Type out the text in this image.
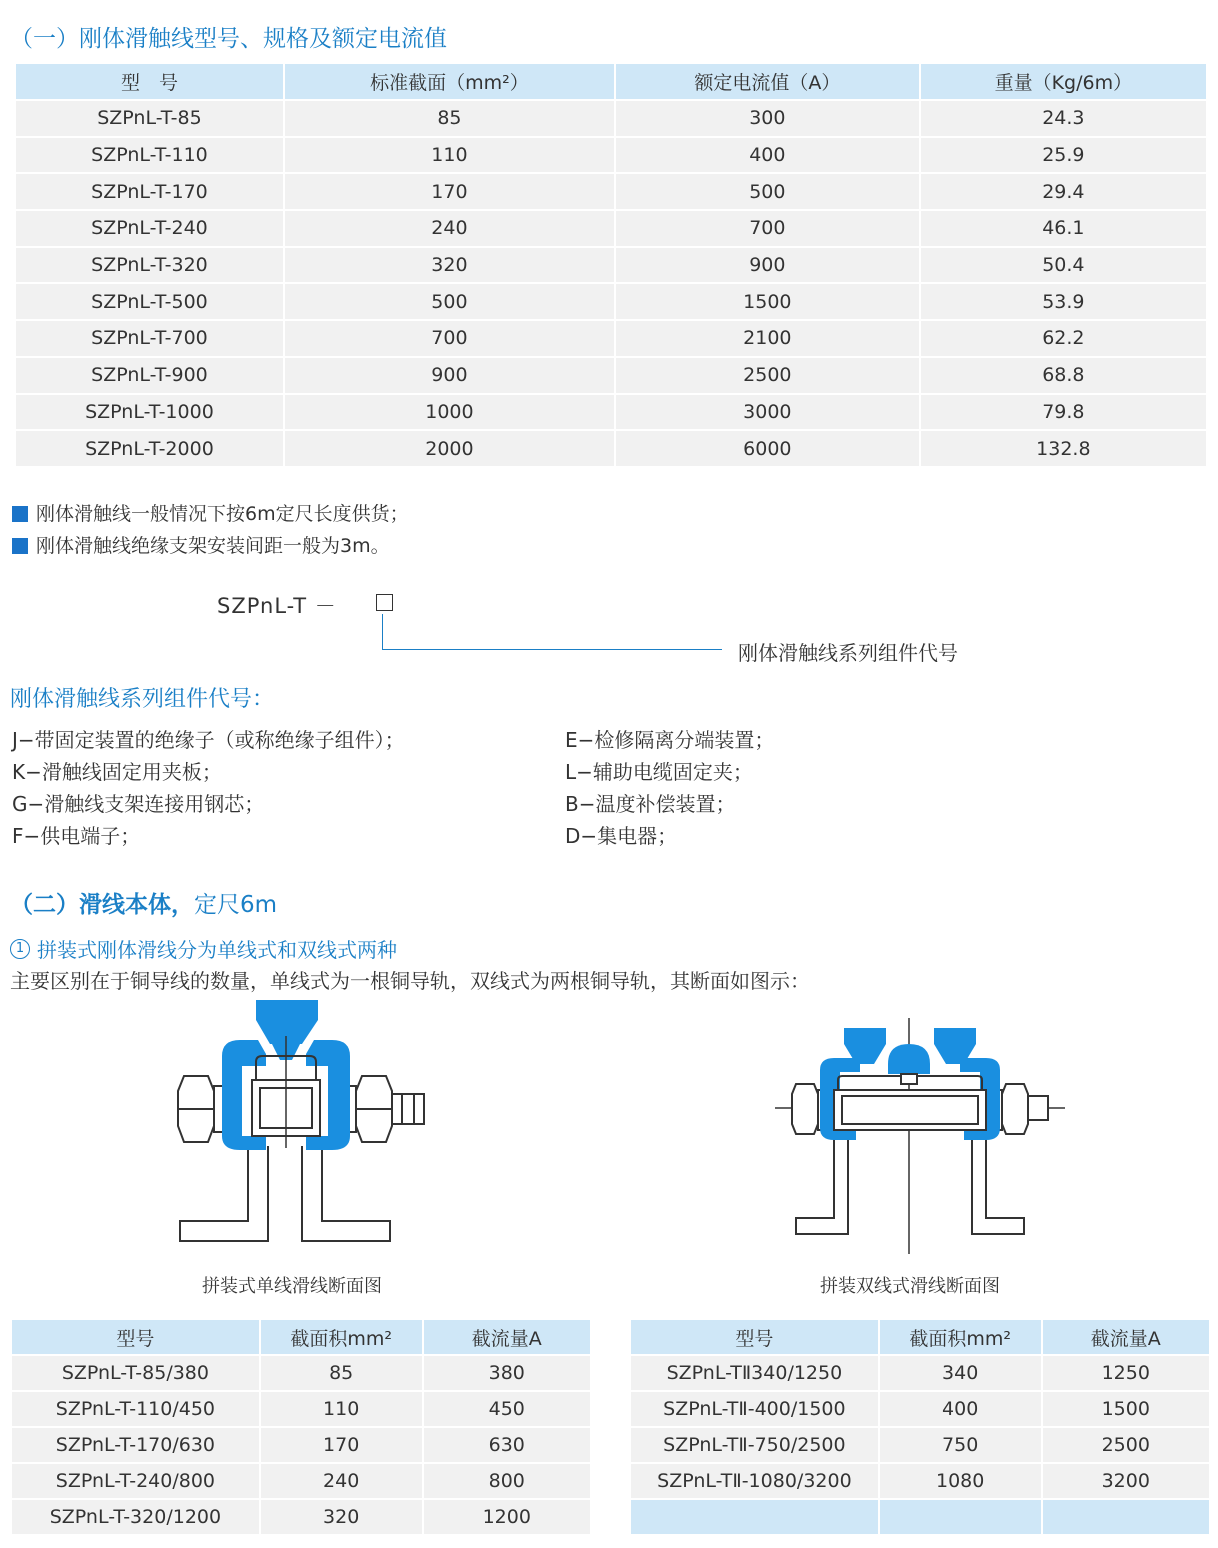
（一）刚体滑触线型号、规格及额定电流值
型　号	标准截面（mm²）	额定电流值（A）	重量（Kg/6m）
SZPnL-T-85	85	300	24.3
SZPnL-T-110	110	400	25.9
SZPnL-T-170	170	500	29.4
SZPnL-T-240	240	700	46.1
SZPnL-T-320	320	900	50.4
SZPnL-T-500	500	1500	53.9
SZPnL-T-700	700	2100	62.2
SZPnL-T-900	900	2500	68.8
SZPnL-T-1000	1000	3000	79.8
SZPnL-T-2000	2000	6000	132.8
刚体滑触线一般情况下按6m定尺长度供货；
刚体滑触线绝缘支架安装间距一般为3m。
SZPnL-T －
刚体滑触线系列组件代号
刚体滑触线系列组件代号：
J−带固定装置的绝缘子（或称绝缘子组件）；
K−滑触线固定用夹板；
G−滑触线支架连接用钢芯；
F−供电端子；
E−检修隔离分端装置；
L−辅助电缆固定夹；
B−温度补偿装置；
D−集电器；
（二）滑线本体，定尺6m
1 拼装式刚体滑线分为单线式和双线式两种
主要区别在于铜导线的数量，单线式为一根铜导轨，双线式为两根铜导轨，其断面如图示：
拼装式单线滑线断面图	拼装双线式滑线断面图
型号	截面积mm²	截流量A
SZPnL-T-85/380	85	380
SZPnL-T-110/450	110	450
SZPnL-T-170/630	170	630
SZPnL-T-240/800	240	800
SZPnL-T-320/1200	320	1200
型号	截面积mm²	截流量A
SZPnL-TⅡ340/1250	340	1250
SZPnL-TⅡ-400/1500	400	1500
SZPnL-TⅡ-750/2500	750	2500
SZPnL-TⅡ-1080/3200	1080	3200
